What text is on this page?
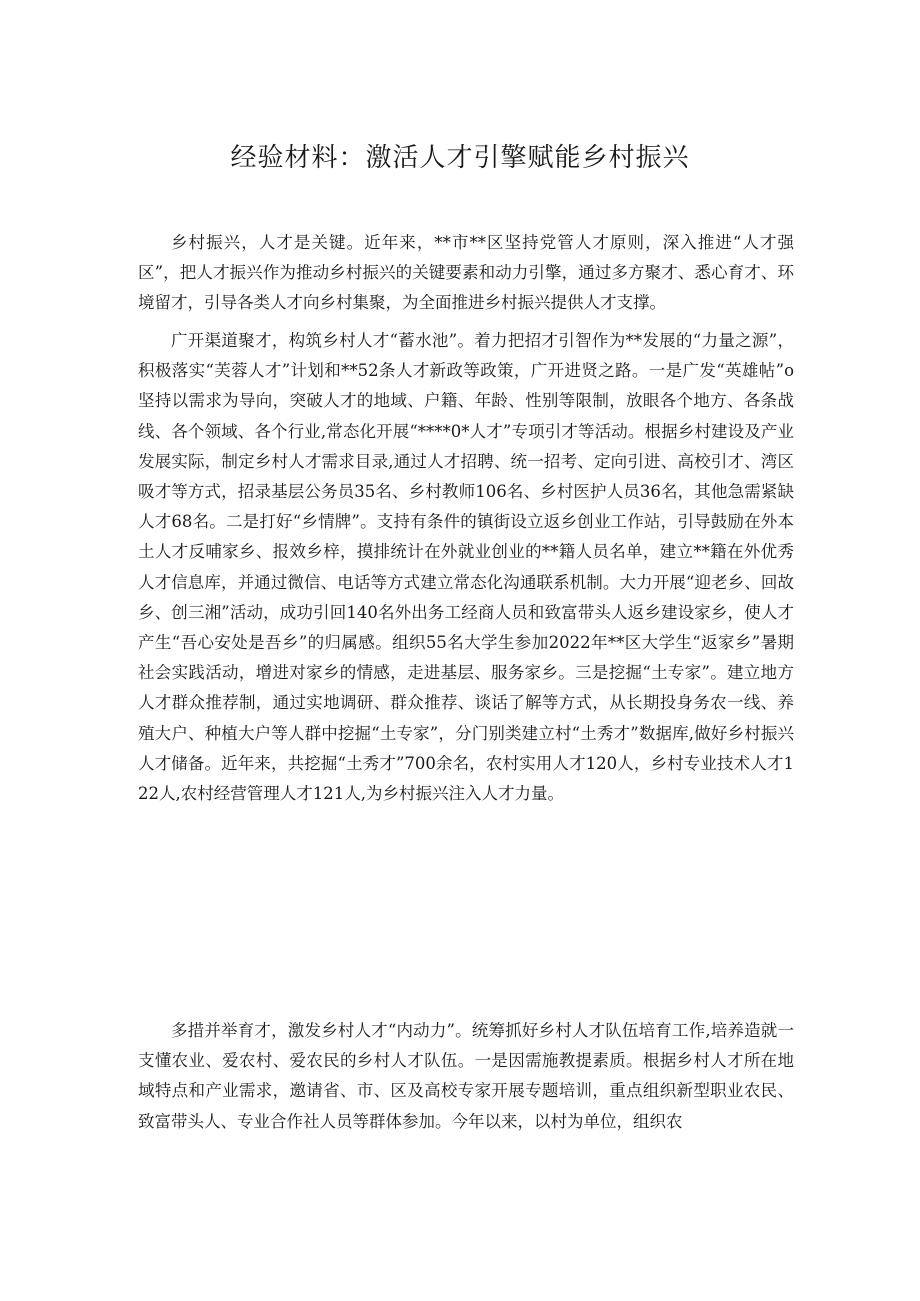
经验材料：激活人才引擎赋能乡村振兴

乡村振兴，人才是关键。近年来，**市**区坚持党管人才原则，深入推进“人才强区”，把人才振兴作为推动乡村振兴的关键要素和动力引擎，通过多方聚才、悉心育才、环境留才，引导各类人才向乡村集聚，为全面推进乡村振兴提供人才支撑。

广开渠道聚才，构筑乡村人才“蓄水池”。着力把招才引智作为**发展的“力量之源”，积极落实“芙蓉人才”计划和**52条人才新政等政策，广开进贤之路。一是广发“英雄帖”o坚持以需求为导向，突破人才的地域、户籍、年龄、性别等限制，放眼各个地方、各条战线、各个领域、各个行业,常态化开展“****0*人才”专项引才等活动。根据乡村建设及产业发展实际，制定乡村人才需求目录,通过人才招聘、统一招考、定向引进、高校引才、湾区吸才等方式，招录基层公务员35名、乡村教师106名、乡村医护人员36名，其他急需紧缺人才68名。二是打好“乡情牌”。支持有条件的镇街设立返乡创业工作站，引导鼓励在外本土人才反哺家乡、报效乡梓，摸排统计在外就业创业的**籍人员名单，建立**籍在外优秀人才信息库，并通过微信、电话等方式建立常态化沟通联系机制。大力开展“迎老乡、回故乡、创三湘”活动，成功引回140名外出务工经商人员和致富带头人返乡建设家乡，使人才产生“吾心安处是吾乡”的归属感。组织55名大学生参加2022年**区大学生“返家乡”暑期社会实践活动，增进对家乡的情感，走进基层、服务家乡。三是挖掘“土专家”。建立地方人才群众推荐制，通过实地调研、群众推荐、谈话了解等方式，从长期投身务农一线、养殖大户、种植大户等人群中挖掘“土专家”，分门别类建立村“土秀才”数据库,做好乡村振兴人才储备。近年来，共挖掘“土秀才”700余名，农村实用人才120人，乡村专业技术人才122人,农村经营管理人才121人,为乡村振兴注入人才力量。

多措并举育才，激发乡村人才“内动力”。统筹抓好乡村人才队伍培育工作,培养造就一支懂农业、爱农村、爱农民的乡村人才队伍。一是因需施教提素质。根据乡村人才所在地域特点和产业需求，邀请省、市、区及高校专家开展专题培训，重点组织新型职业农民、致富带头人、专业合作社人员等群体参加。今年以来，以村为单位，组织农
